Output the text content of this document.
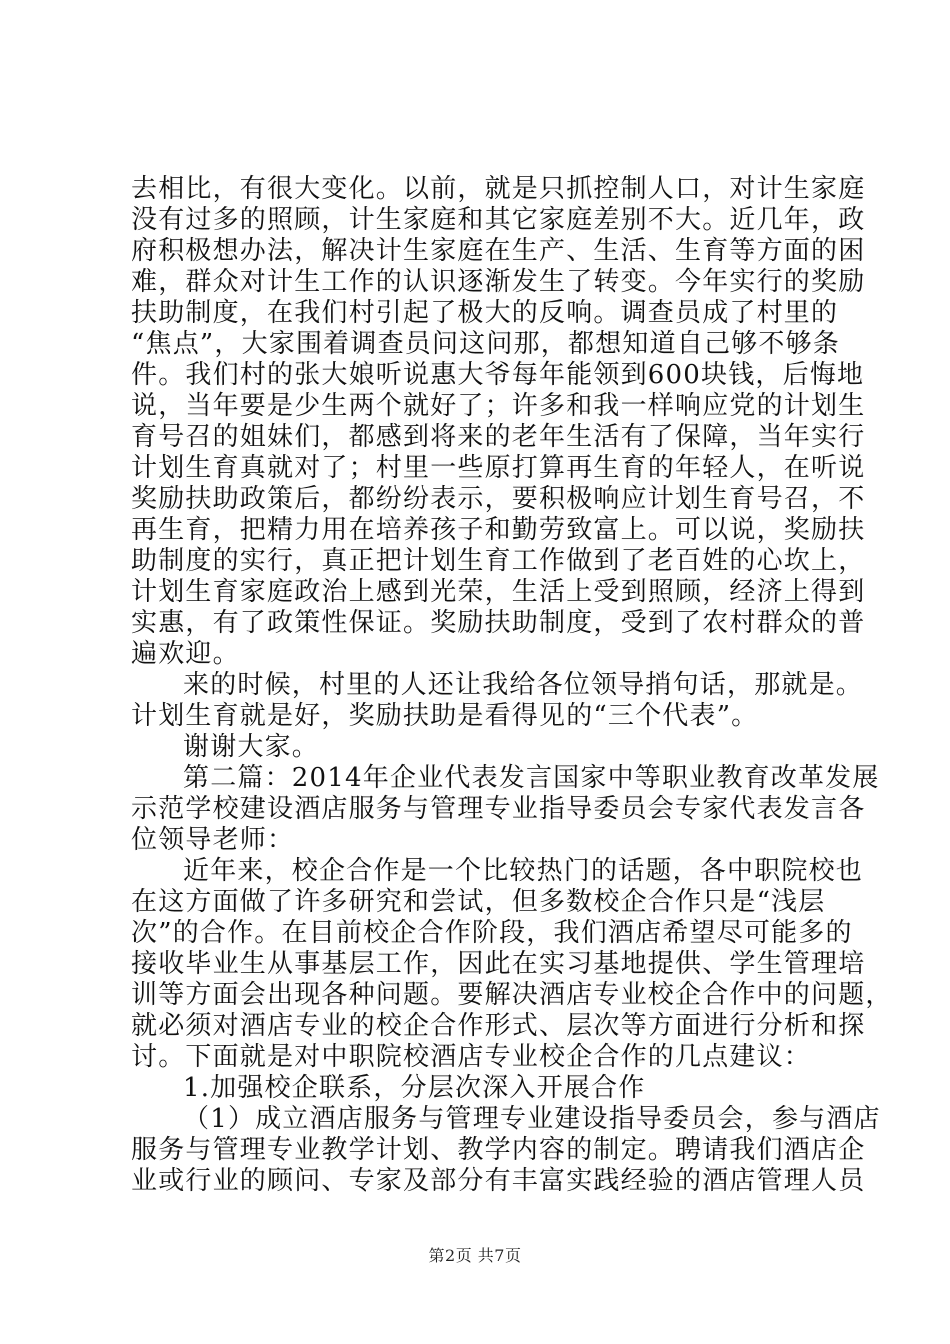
去相比，有很大变化。以前，就是只抓控制人口，对计生家庭
没有过多的照顾，计生家庭和其它家庭差别不大。近几年，政
府积极想办法，解决计生家庭在生产、生活、生育等方面的困
难，群众对计生工作的认识逐渐发生了转变。今年实行的奖励
扶助制度，在我们村引起了极大的反响。调查员成了村里的
“焦点”，大家围着调查员问这问那，都想知道自己够不够条
件。我们村的张大娘听说惠大爷每年能领到600块钱，后悔地
说，当年要是少生两个就好了；许多和我一样响应党的计划生
育号召的姐妹们，都感到将来的老年生活有了保障，当年实行
计划生育真就对了；村里一些原打算再生育的年轻人，在听说
奖励扶助政策后，都纷纷表示，要积极响应计划生育号召，不
再生育，把精力用在培养孩子和勤劳致富上。可以说，奖励扶
助制度的实行，真正把计划生育工作做到了老百姓的心坎上，
计划生育家庭政治上感到光荣，生活上受到照顾，经济上得到
实惠，有了政策性保证。奖励扶助制度，受到了农村群众的普
遍欢迎。
来的时候，村里的人还让我给各位领导捎句话，那就是。
计划生育就是好，奖励扶助是看得见的“三个代表”。
谢谢大家。
第二篇：2014年企业代表发言国家中等职业教育改革发展
示范学校建设酒店服务与管理专业指导委员会专家代表发言各
位领导老师：
近年来，校企合作是一个比较热门的话题，各中职院校也
在这方面做了许多研究和尝试，但多数校企合作只是“浅层
次”的合作。在目前校企合作阶段，我们酒店希望尽可能多的
接收毕业生从事基层工作，因此在实习基地提供、学生管理培
训等方面会出现各种问题。要解决酒店专业校企合作中的问题，
就必须对酒店专业的校企合作形式、层次等方面进行分析和探
讨。下面就是对中职院校酒店专业校企合作的几点建议：
1.加强校企联系，分层次深入开展合作
（1）成立酒店服务与管理专业建设指导委员会，参与酒店
服务与管理专业教学计划、教学内容的制定。聘请我们酒店企
业或行业的顾问、专家及部分有丰富实践经验的酒店管理人员
第2页 共7页
